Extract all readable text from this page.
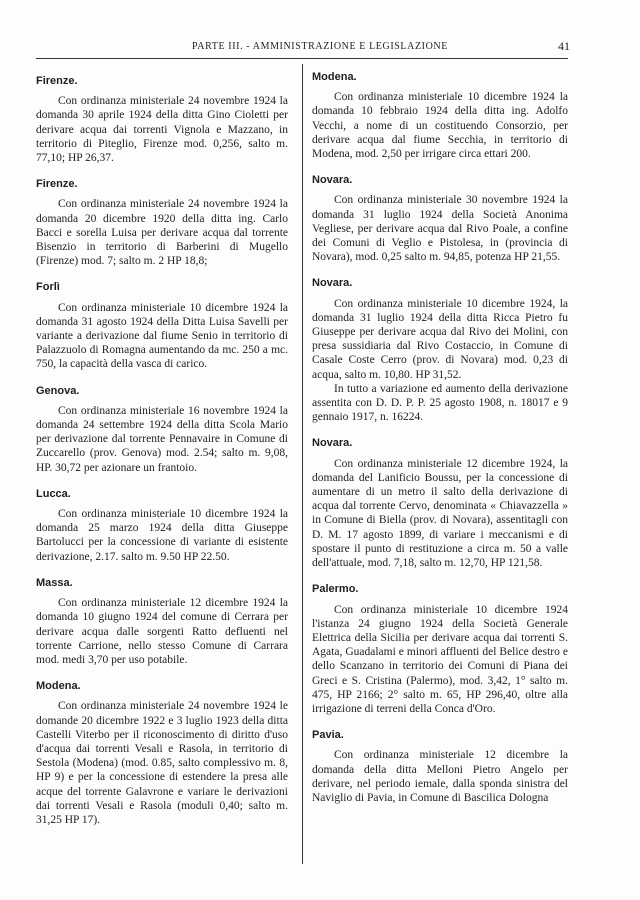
PARTE III. - AMMINISTRAZIONE E LEGISLAZIONE	41
Firenze.

Con ordinanza ministeriale 24 novembre 1924 la domanda 30 aprile 1924 della ditta Gino Cioletti per derivare acqua dai torrenti Vignola e Mazzano, in territorio di Piteglio, Firenze mod. 0,256, salto m. 77,10; HP 26,37.

Firenze.

Con ordinanza ministeriale 24 novembre 1924 la domanda 20 dicembre 1920 della ditta ing. Carlo Bacci e sorella Luisa per derivare acqua dal torrente Bisenzio in territorio di Barberini di Mugello (Firenze) mod. 7; salto m. 2 HP 18,8;

Forlì

Con ordinanza ministeriale 10 dicembre 1924 la domanda 31 agosto 1924 della Ditta Luisa Savelli per variante a derivazione dal fiume Senio in territorio di Palazzuolo di Romagna aumentando da mc. 250 a mc. 750, la capacità della vasca di carico.

Genova.

Con ordinanza ministeriale 16 novembre 1924 la domanda 24 settembre 1924 della ditta Scola Mario per derivazione dal torrente Pennavaire in Comune di Zuccarello (prov. Genova) mod. 2.54; salto m. 9,08, HP. 30,72 per azionare un frantoio.

Lucca.

Con ordinanza ministeriale 10 dicembre 1924 la domanda 25 marzo 1924 della ditta Giuseppe Bartolucci per la concessione di variante di esistente derivazione, 2.17. salto m. 9.50 HP 22.50.

Massa.

Con ordinanza ministeriale 12 dicembre 1924 la domanda 10 giugno 1924 del comune di Cerrara per derivare acqua dalle sorgenti Ratto defluenti nel torrente Carrione, nello stesso Comune di Carrara mod. medi 3,70 per uso potabile.

Modena.

Con ordinanza ministeriale 24 novembre 1924 le domande 20 dicembre 1922 e 3 luglio 1923 della ditta Castelli Viterbo per il riconoscimento di diritto d'uso d'acqua dai torrenti Vesali e Rasola, in territorio di Sestola (Modena) (mod. 0.85, salto complessivo m. 8, HP 9) e per la concessione di estendere la presa alle acque del torrente Galavrone e variare le derivazioni dai torrenti Vesali e Rasola (moduli 0,40; salto m. 31,25 HP 17).

Modena.

Con ordinanza ministeriale 10 dicembre 1924 la domanda 10 febbraio 1924 della ditta ing. Adolfo Vecchi, a nome di un costituendo Consorzio, per derivare acqua dal fiume Secchia, in territorio di Modena, mod. 2,50 per irrigare circa ettari 200.

Novara.

Con ordinanza ministeriale 30 novembre 1924 la domanda 31 luglio 1924 della Società Anonima Vegliese, per derivare acqua dal Rivo Poale, a confine dei Comuni di Veglio e Pistolesa, in (provincia di Novara), mod. 0,25 salto m. 94,85, potenza HP 21,55.

Novara.

Con ordinanza ministeriale 10 dicembre 1924, la domanda 31 luglio 1924 della ditta Ricca Pietro fu Giuseppe per derivare acqua dal Rivo dei Molini, con presa sussidiaria dal Rivo Costaccio, in Comune di Casale Coste Cerro (prov. di Novara) mod. 0,23 di acqua, salto m. 10,80. HP 31,52.

In tutto a variazione ed aumento della derivazione assentita con D. D. P. P. 25 agosto 1908, n. 18017 e 9 gennaio 1917, n. 16224.

Novara.

Con ordinanza ministeriale 12 dicembre 1924, la domanda del Lanificio Boussu, per la concessione di aumentare di un metro il salto della derivazione di acqua dal torrente Cervo, denominata « Chiavazzella » in Comune di Biella (prov. di Novara), assentitagli con D. M. 17 agosto 1899, di variare i meccanismi e di spostare il punto di restituzione a circa m. 50 a valle dell'attuale, mod. 7,18, salto m. 12,70, HP 121,58.

Palermo.

Con ordinanza ministeriale 10 dicembre 1924 l'istanza 24 giugno 1924 della Società Generale Elettrica della Sicilia per derivare acqua dai torrenti S. Agata, Guadalami e minori affluenti del Belice destro e dello Scanzano in territorio dei Comuni di Piana dei Greci e S. Cristina (Palermo), mod. 3,42, 1° salto m. 475, HP 2166; 2° salto m. 65, HP 296,40, oltre alla irrigazione di terreni della Conca d'Oro.

Pavia.

Con ordinanza ministeriale 12 dicembre la domanda della ditta Melloni Pietro Angelo per derivare, nel periodo iemale, dalla sponda sinistra del Naviglio di Pavia, in Comune di Bascilica Dologna
